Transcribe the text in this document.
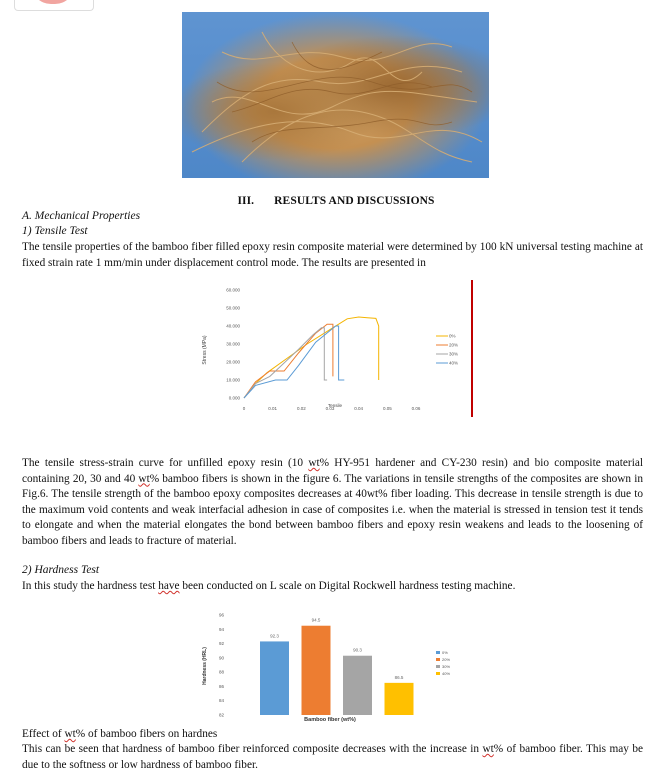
III. RESULTS AND DISCUSSIONS
A. Mechanical Properties
1) Tensile Test
The tensile properties of the bamboo fiber filled epoxy resin composite material were determined by 100 kN universal testing machine at fixed strain rate 1 mm/min under displacement control mode. The results are presented in
Stress (MPa)
Tensile
0.000
10.000
20.000
30.000
40.000
50.000
60.000
0	0.01	0.02	0.03	0.04	0.05	0.06
0%
20%
30%
40%
The tensile stress-strain curve for unfilled epoxy resin (10 wt% HY-951 hardener and CY-230 resin) and bio composite material containing 20, 30 and 40 wt% bamboo fibers is shown in the figure 6. The variations in tensile strengths of the composites are shown in Fig.6. The tensile strength of the bamboo epoxy composites decreases at 40wt% fiber loading. This decrease in tensile strength is due to the maximum void contents and weak interfacial adhesion in case of composites i.e. when the material is stressed in tension test it tends to elongate and when the material elongates the bond between bamboo fibers and epoxy resin weakens and leads to the loosening of bamboo fibers and leads to fracture of material.
2) Hardness Test
In this study the hardness test have been conducted on L scale on Digital Rockwell hardness testing machine.
Hardness (HRL)
Bamboo fiber (wt%)
82
84
86
88
90
92
94
96
92.3
94.5
90.3
86.5
0%
20%
30%
40%
Effect of wt% of bamboo fibers on hardnes
This can be seen that hardness of bamboo fiber reinforced composite decreases with the increase in wt% of bamboo fiber. This may be due to the softness or low hardness of bamboo fiber.
